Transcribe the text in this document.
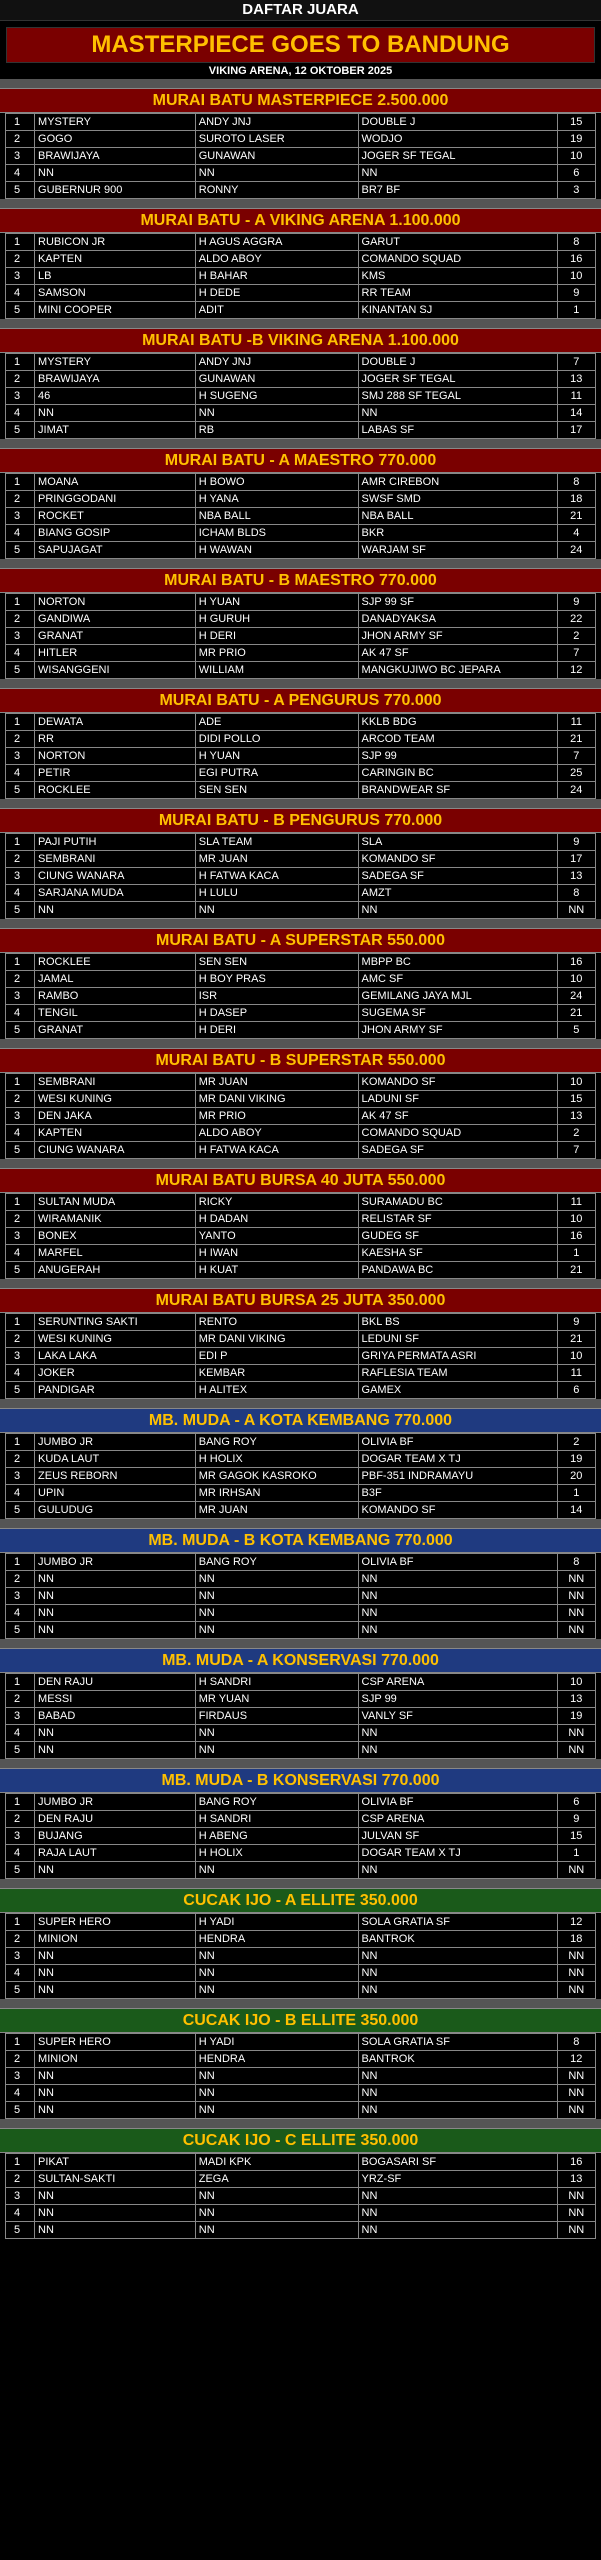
DAFTAR JUARA
MASTERPIECE GOES TO BANDUNG
VIKING ARENA, 12 OKTOBER 2025
MURAI BATU MASTERPIECE 2.500.000
1	MYSTERY	ANDY JNJ	DOUBLE J	15
2	GOGO	SUROTO LASER	WODJO	19
3	BRAWIJAYA	GUNAWAN	JOGER SF TEGAL	10
4	NN	NN	NN	6
5	GUBERNUR 900	RONNY	BR7 BF	3
MURAI BATU - A VIKING ARENA 1.100.000
1	RUBICON JR	H AGUS AGGRA	GARUT	8
2	KAPTEN	ALDO ABOY	COMANDO SQUAD	16
3	LB	H BAHAR	KMS	10
4	SAMSON	H DEDE	RR TEAM	9
5	MINI COOPER	ADIT	KINANTAN SJ	1
MURAI BATU -B VIKING ARENA 1.100.000
1	MYSTERY	ANDY JNJ	DOUBLE J	7
2	BRAWIJAYA	GUNAWAN	JOGER SF TEGAL	13
3	46	H SUGENG	SMJ 288 SF TEGAL	11
4	NN	NN	NN	14
5	JIMAT	RB	LABAS SF	17
MURAI BATU - A MAESTRO 770.000
1	MOANA	H BOWO	AMR CIREBON	8
2	PRINGGODANI	H YANA	SWSF SMD	18
3	ROCKET	NBA BALL	NBA BALL	21
4	BIANG GOSIP	ICHAM BLDS	BKR	4
5	SAPUJAGAT	H WAWAN	WARJAM SF	24
MURAI BATU - B MAESTRO 770.000
1	NORTON	H YUAN	SJP 99 SF	9
2	GANDIWA	H GURUH	DANADYAKSA	22
3	GRANAT	H DERI	JHON ARMY SF	2
4	HITLER	MR PRIO	AK 47 SF	7
5	WISANGGENI	WILLIAM	MANGKUJIWO BC JEPARA	12
MURAI BATU - A PENGURUS 770.000
1	DEWATA	ADE	KKLB BDG	11
2	RR	DIDI POLLO	ARCOD TEAM	21
3	NORTON	H YUAN	SJP 99	7
4	PETIR	EGI PUTRA	CARINGIN BC	25
5	ROCKLEE	SEN SEN	BRANDWEAR SF	24
MURAI BATU - B PENGURUS 770.000
1	PAJI PUTIH	SLA TEAM	SLA	9
2	SEMBRANI	MR JUAN	KOMANDO SF	17
3	CIUNG WANARA	H FATWA KACA	SADEGA SF	13
4	SARJANA MUDA	H LULU	AMZT	8
5	NN	NN	NN	NN
MURAI BATU - A SUPERSTAR 550.000
1	ROCKLEE	SEN SEN	MBPP BC	16
2	JAMAL	H BOY PRAS	AMC SF	10
3	RAMBO	ISR	GEMILANG JAYA MJL	24
4	TENGIL	H DASEP	SUGEMA SF	21
5	GRANAT	H DERI	JHON ARMY SF	5
MURAI BATU - B SUPERSTAR 550.000
1	SEMBRANI	MR JUAN	KOMANDO SF	10
2	WESI KUNING	MR DANI VIKING	LADUNI SF	15
3	DEN JAKA	MR PRIO	AK 47 SF	13
4	KAPTEN	ALDO ABOY	COMANDO SQUAD	2
5	CIUNG WANARA	H FATWA KACA	SADEGA SF	7
MURAI BATU BURSA 40 JUTA 550.000
1	SULTAN MUDA	RICKY	SURAMADU BC	11
2	WIRAMANIK	H DADAN	RELISTAR SF	10
3	BONEX	YANTO	GUDEG SF	16
4	MARFEL	H IWAN	KAESHA SF	1
5	ANUGERAH	H KUAT	PANDAWA BC	21
MURAI BATU BURSA 25 JUTA 350.000
1	SERUNTING SAKTI	RENTO	BKL BS	9
2	WESI KUNING	MR DANI VIKING	LEDUNI SF	21
3	LAKA LAKA	EDI P	GRIYA PERMATA ASRI	10
4	JOKER	KEMBAR	RAFLESIA TEAM	11
5	PANDIGAR	H ALITEX	GAMEX	6
MB. MUDA - A KOTA KEMBANG 770.000
1	JUMBO JR	BANG ROY	OLIVIA BF	2
2	KUDA LAUT	H HOLIX	DOGAR TEAM X TJ	19
3	ZEUS REBORN	MR GAGOK KASROKO	PBF-351 INDRAMAYU	20
4	UPIN	MR IRHSAN	B3F	1
5	GULUDUG	MR JUAN	KOMANDO SF	14
MB. MUDA - B KOTA KEMBANG 770.000
1	JUMBO JR	BANG ROY	OLIVIA BF	8
2	NN	NN	NN	NN
3	NN	NN	NN	NN
4	NN	NN	NN	NN
5	NN	NN	NN	NN
MB. MUDA - A KONSERVASI 770.000
1	DEN RAJU	H SANDRI	CSP ARENA	10
2	MESSI	MR YUAN	SJP 99	13
3	BABAD	FIRDAUS	VANLY SF	19
4	NN	NN	NN	NN
5	NN	NN	NN	NN
MB. MUDA - B KONSERVASI 770.000
1	JUMBO JR	BANG ROY	OLIVIA BF	6
2	DEN RAJU	H SANDRI	CSP ARENA	9
3	BUJANG	H ABENG	JULVAN SF	15
4	RAJA LAUT	H HOLIX	DOGAR TEAM X TJ	1
5	NN	NN	NN	NN
CUCAK IJO - A ELLITE 350.000
1	SUPER HERO	H YADI	SOLA GRATIA SF	12
2	MINION	HENDRA	BANTROK	18
3	NN	NN	NN	NN
4	NN	NN	NN	NN
5	NN	NN	NN	NN
CUCAK IJO - B ELLITE 350.000
1	SUPER HERO	H YADI	SOLA GRATIA SF	8
2	MINION	HENDRA	BANTROK	12
3	NN	NN	NN	NN
4	NN	NN	NN	NN
5	NN	NN	NN	NN
CUCAK IJO - C ELLITE 350.000
1	PIKAT	MADI KPK	BOGASARI SF	16
2	SULTAN-SAKTI	ZEGA	YRZ-SF	13
3	NN	NN	NN	NN
4	NN	NN	NN	NN
5	NN	NN	NN	NN
